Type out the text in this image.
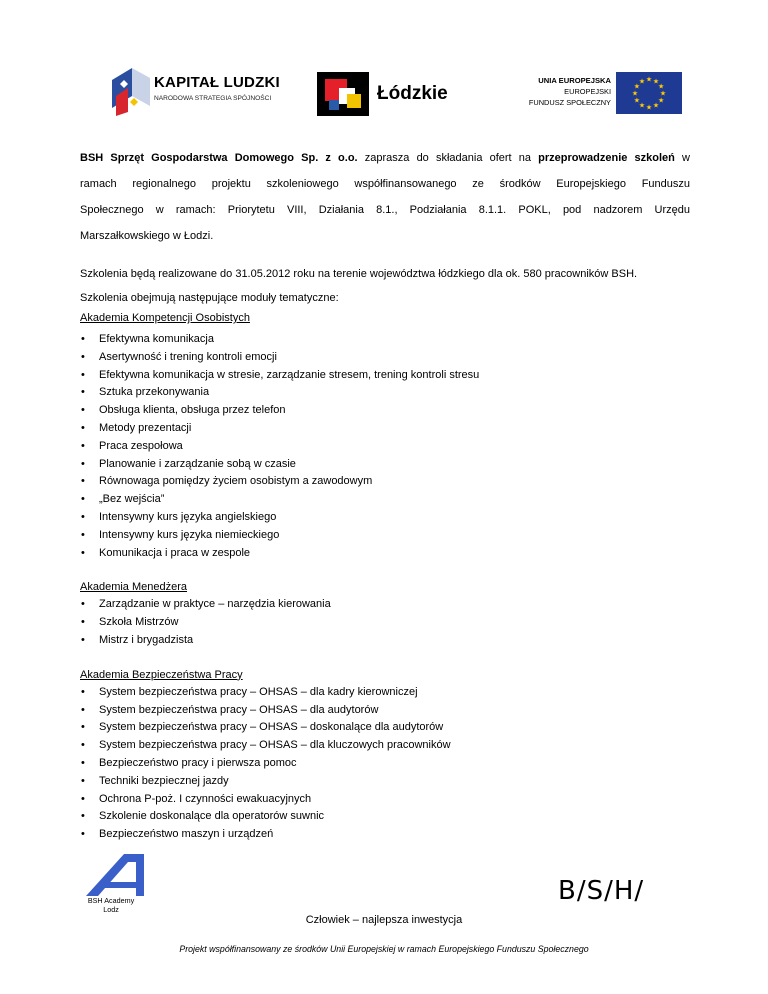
KAPITAŁ LUDZKI
NARODOWA STRATEGIA SPÓJNOŚCI	Łódzkie
UNIA EUROPEJSKA
EUROPEJSKI
FUNDUSZ SPOŁECZNY
★
★
★
★
★
★
★
★
★ ★ ★
★

BSH Sprzęt Gospodarstwa Domowego Sp. z o.o. zaprasza do składania ofert na przeprowadzenie szkoleń w

ramach regionalnego projektu szkoleniowego współfinansowanego ze środków Europejskiego Funduszu

Społecznego w ramach: Priorytetu VIII, Działania 8.1., Podziałania 8.1.1. POKL, pod nadzorem Urzędu

Marszałkowskiego w Łodzi.

Szkolenia będą realizowane do 31.05.2012 roku na terenie województwa łódzkiego dla ok. 580 pracowników BSH.

Szkolenia obejmują następujące moduły tematyczne:

Akademia Kompetencji Osobistych

• Efektywna komunikacja
• Asertywność i trening kontroli emocji
• Efektywna komunikacja w stresie, zarządzanie stresem, trening kontroli stresu
• Sztuka przekonywania
• Obsługa klienta, obsługa przez telefon
• Metody prezentacji
• Praca zespołowa
• Planowanie i zarządzanie sobą w czasie
• Równowaga pomiędzy życiem osobistym a zawodowym
• „Bez wejścia”
• Intensywny kurs języka angielskiego
• Intensywny kurs języka niemieckiego
• Komunikacja i praca w zespole

Akademia Menedżera

• Zarządzanie w praktyce – narzędzia kierowania
• Szkoła Mistrzów
• Mistrz i brygadzista

Akademia Bezpieczeństwa Pracy

• System bezpieczeństwa pracy – OHSAS – dla kadry kierowniczej
• System bezpieczeństwa pracy – OHSAS – dla audytorów
• System bezpieczeństwa pracy – OHSAS – doskonalące dla audytorów
• System bezpieczeństwa pracy – OHSAS – dla kluczowych pracowników
• Bezpieczeństwo pracy i pierwsza pomoc
• Techniki bezpiecznej jazdy
• Ochrona P-poż. I czynności ewakuacyjnych
• Szkolenie doskonalące dla operatorów suwnic
• Bezpieczeństwo maszyn i urządzeń
BSH Academy
Lodz
B/S/H/
Człowiek – najlepsza inwestycja
Projekt współfinansowany ze środków Unii Europejskiej w ramach Europejskiego Funduszu Społecznego
